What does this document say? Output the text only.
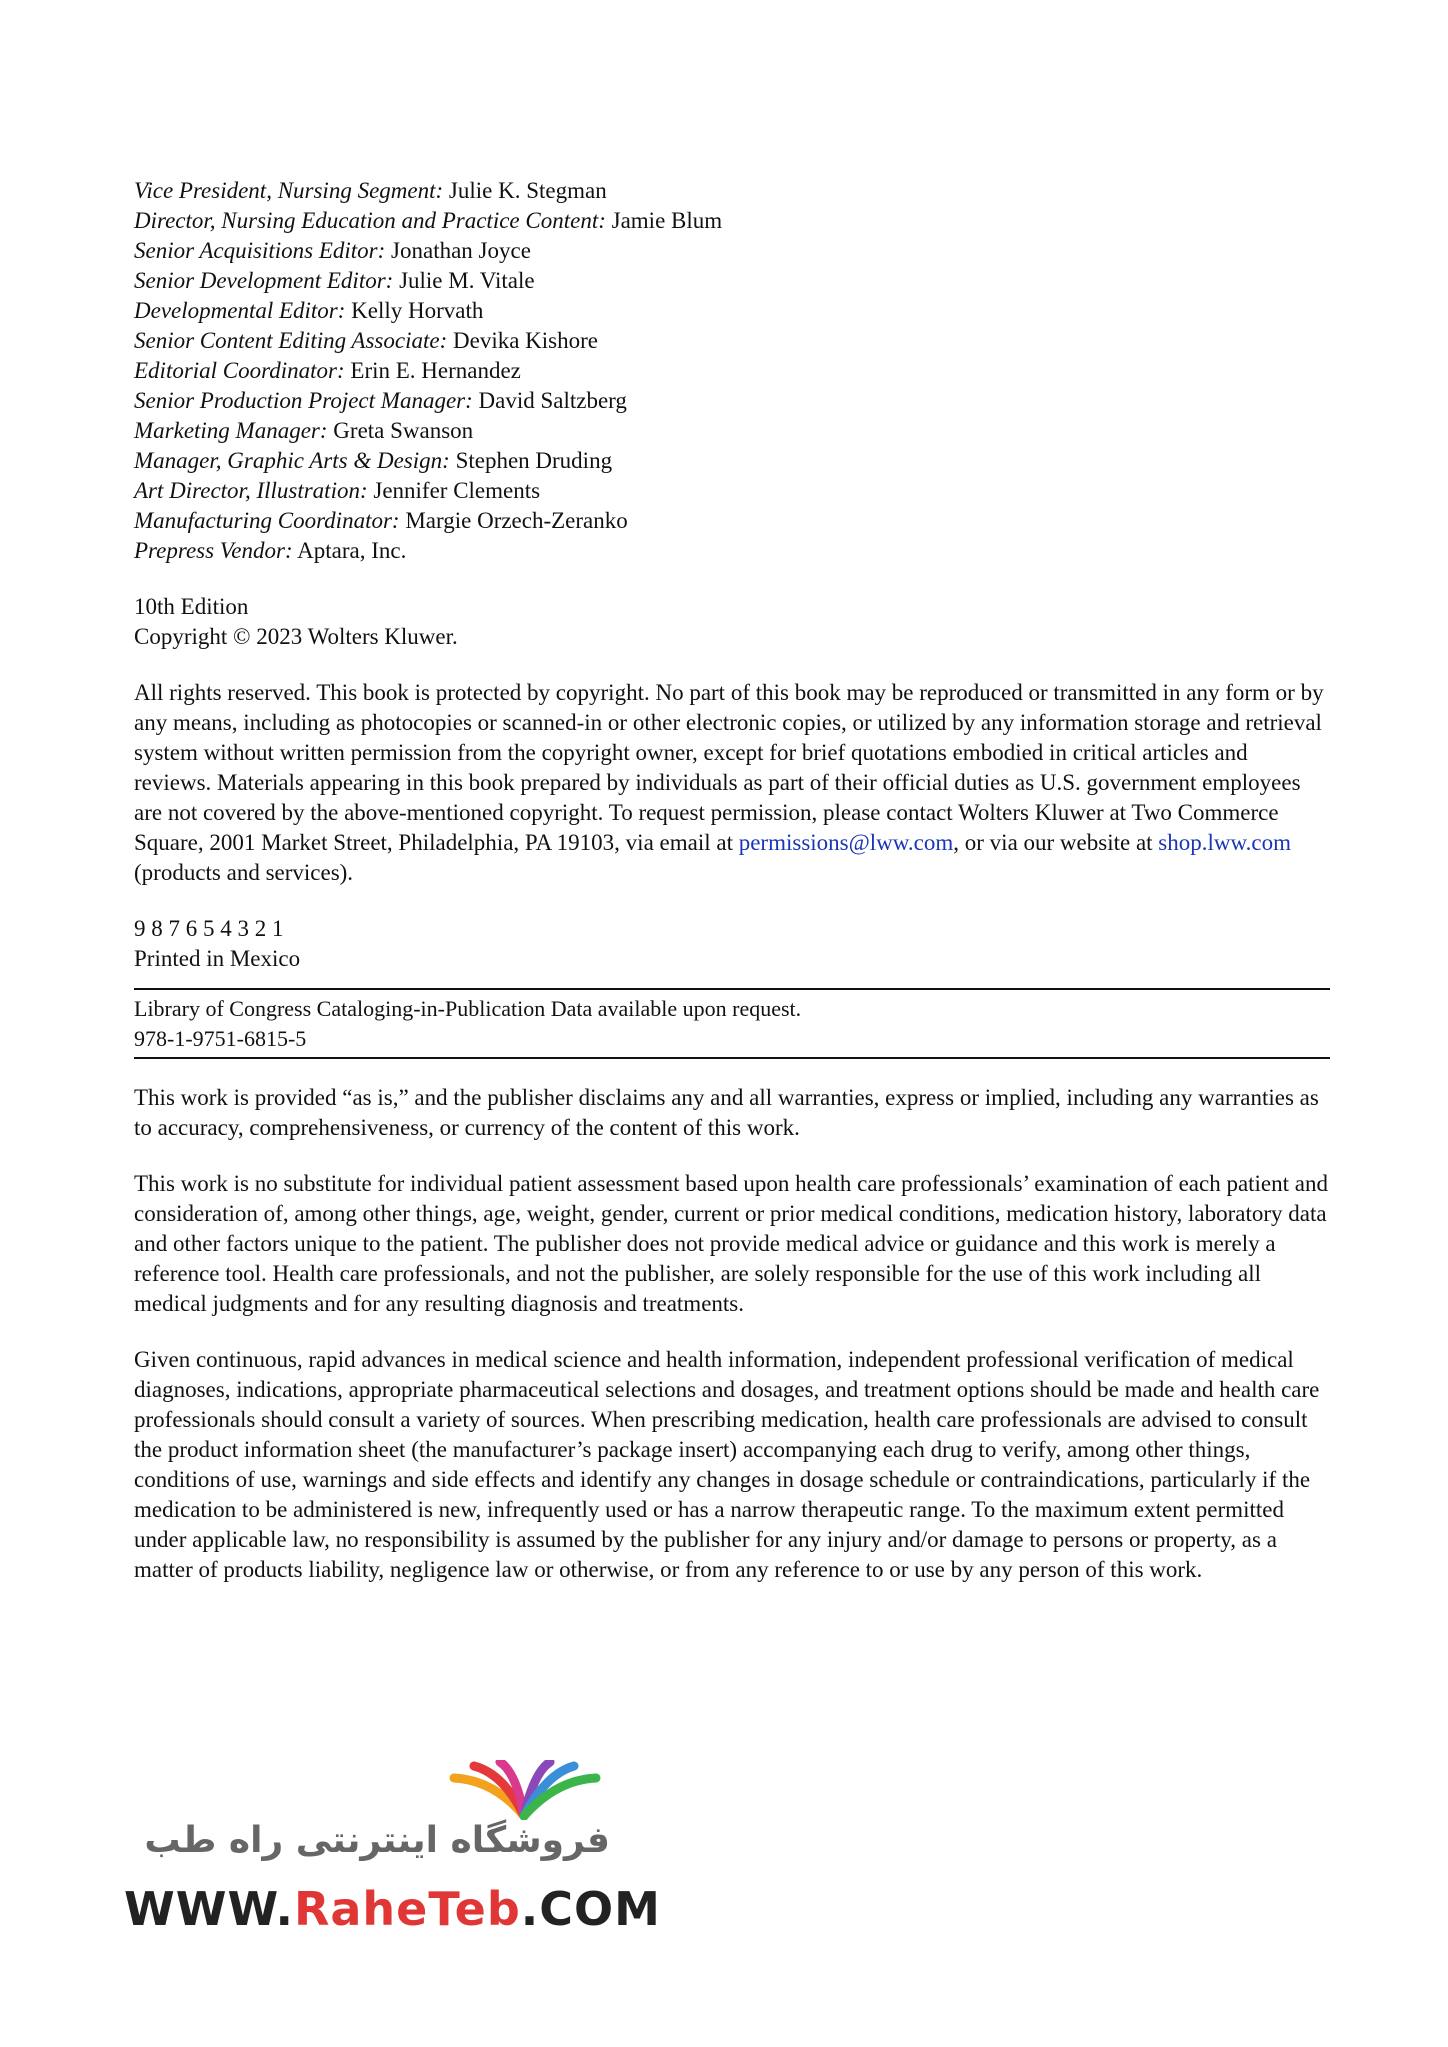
Vice President, Nursing Segment: Julie K. Stegman
Director, Nursing Education and Practice Content: Jamie Blum
Senior Acquisitions Editor: Jonathan Joyce
Senior Development Editor: Julie M. Vitale
Developmental Editor: Kelly Horvath
Senior Content Editing Associate: Devika Kishore
Editorial Coordinator: Erin E. Hernandez
Senior Production Project Manager: David Saltzberg
Marketing Manager: Greta Swanson
Manager, Graphic Arts & Design: Stephen Druding
Art Director, Illustration: Jennifer Clements
Manufacturing Coordinator: Margie Orzech-Zeranko
Prepress Vendor: Aptara, Inc.
10th Edition
Copyright © 2023 Wolters Kluwer.

All rights reserved. This book is protected by copyright. No part of this book may be reproduced or transmitted in any form or by any means, including as photocopies or scanned-in or other electronic copies, or utilized by any information storage and retrieval system without written permission from the copyright owner, except for brief quotations embodied in critical articles and reviews. Materials appearing in this book prepared by individuals as part of their official duties as U.S. government employees are not covered by the above-mentioned copyright. To request permission, please contact Wolters Kluwer at Two Commerce Square, 2001 Market Street, Philadelphia, PA 19103, via email at permissions@lww.com, or via our website at shop.lww.com (products and services).

9 8 7 6 5 4 3 2 1
Printed in Mexico
Library of Congress Cataloging-in-Publication Data available upon request.
978-1-9751-6815-5

This work is provided “as is,” and the publisher disclaims any and all warranties, express or implied, including any warranties as to accuracy, comprehensiveness, or currency of the content of this work.

This work is no substitute for individual patient assessment based upon health care professionals’ examination of each patient and consideration of, among other things, age, weight, gender, current or prior medical conditions, medication history, laboratory data and other factors unique to the patient. The publisher does not provide medical advice or guidance and this work is merely a reference tool. Health care professionals, and not the publisher, are solely responsible for the use of this work including all medical judgments and for any resulting diagnosis and treatments.

Given continuous, rapid advances in medical science and health information, independent professional verification of medical diagnoses, indications, appropriate pharmaceutical selections and dosages, and treatment options should be made and health care professionals should consult a variety of sources. When prescribing medication, health care professionals are advised to consult the product information sheet (the manufacturer’s package insert) accompanying each drug to verify, among other things, conditions of use, warnings and side effects and identify any changes in dosage schedule or contraindications, particularly if the medication to be administered is new, infrequently used or has a narrow therapeutic range. To the maximum extent permitted under applicable law, no responsibility is assumed by the publisher for any injury and/or damage to persons or property, as a matter of products liability, negligence law or otherwise, or from any reference to or use by any person of this work.

فروشگاه اینترنتی راه طب
WWW.RaheTeb.COM
